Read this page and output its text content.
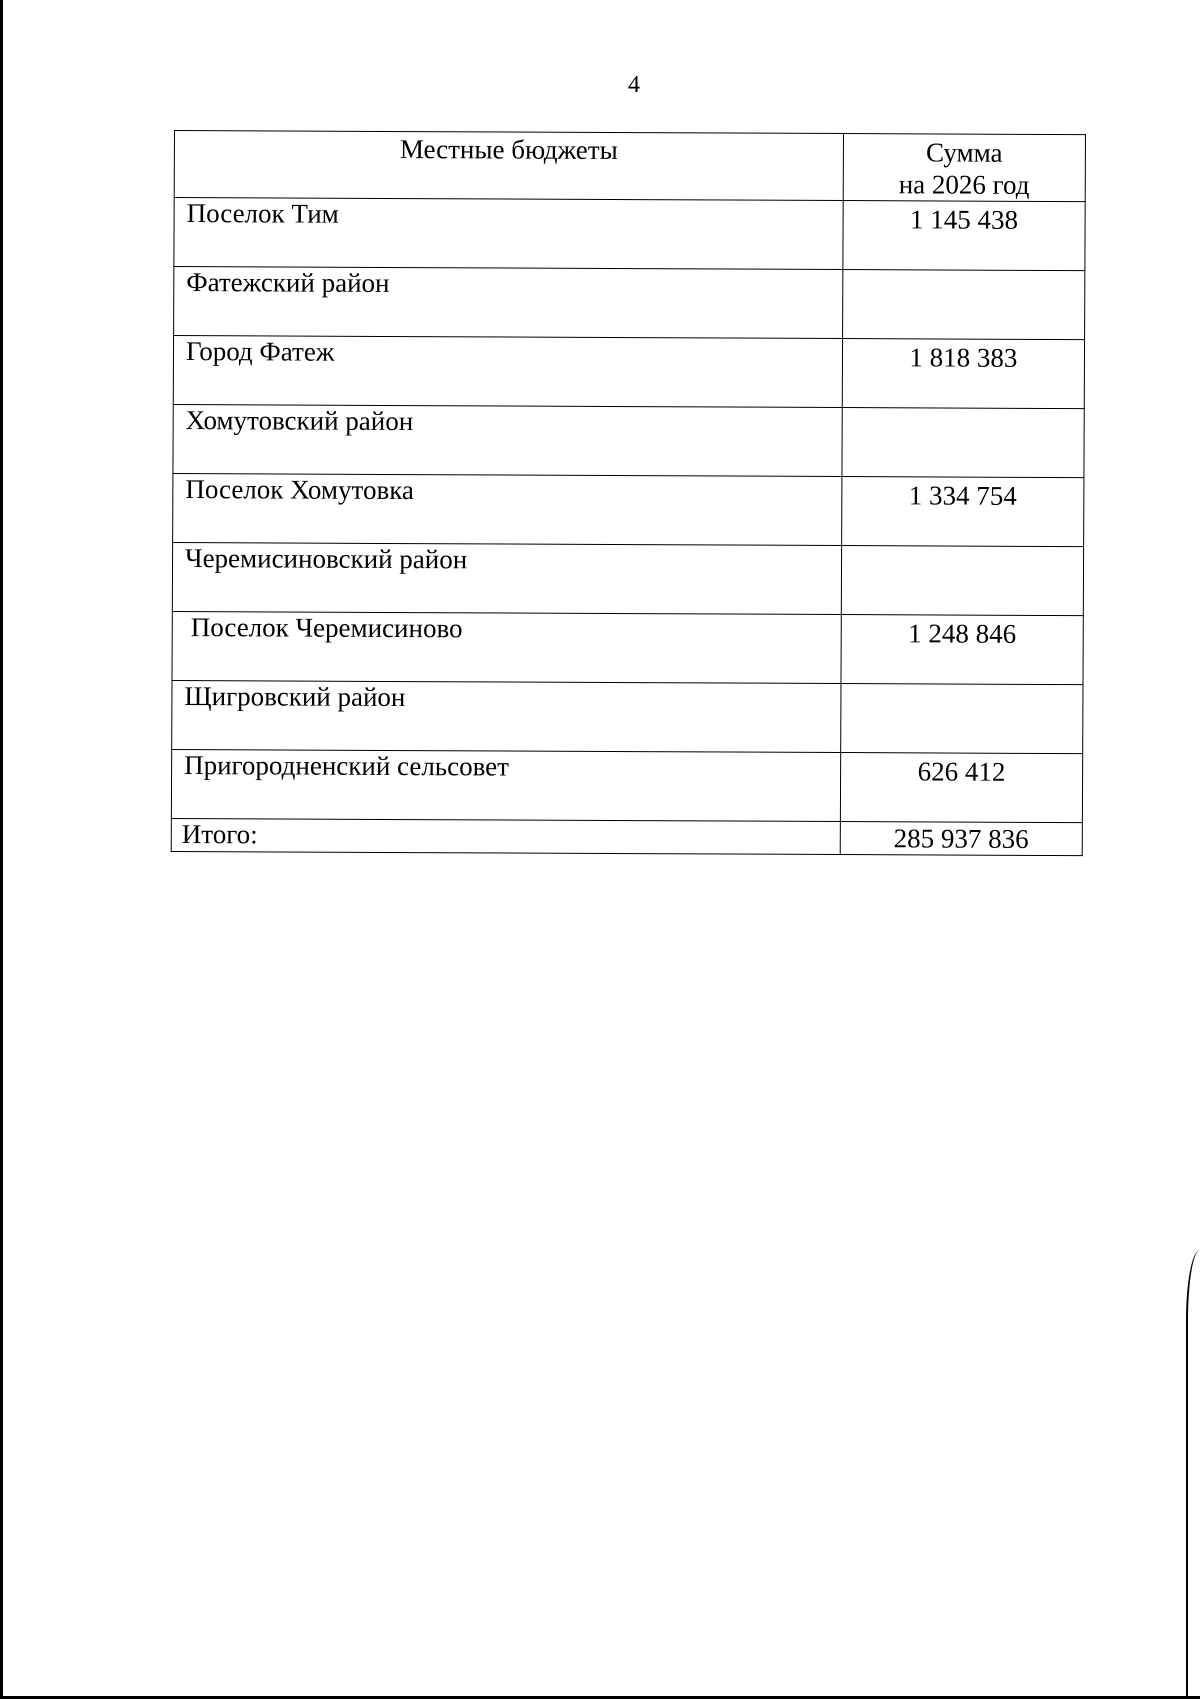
4
Местные бюджеты	Сумма
на 2026 год

Поселок Тим	1 145 438
Фатежский район	
Город Фатеж	1 818 383
Хомутовский район	
Поселок Хомутовка	1 334 754
Черемисиновский район	
Поселок Черемисиново	1 248 846
Щигровский район	
Пригородненский сельсовет	626 412
Итого:	285 937 836
